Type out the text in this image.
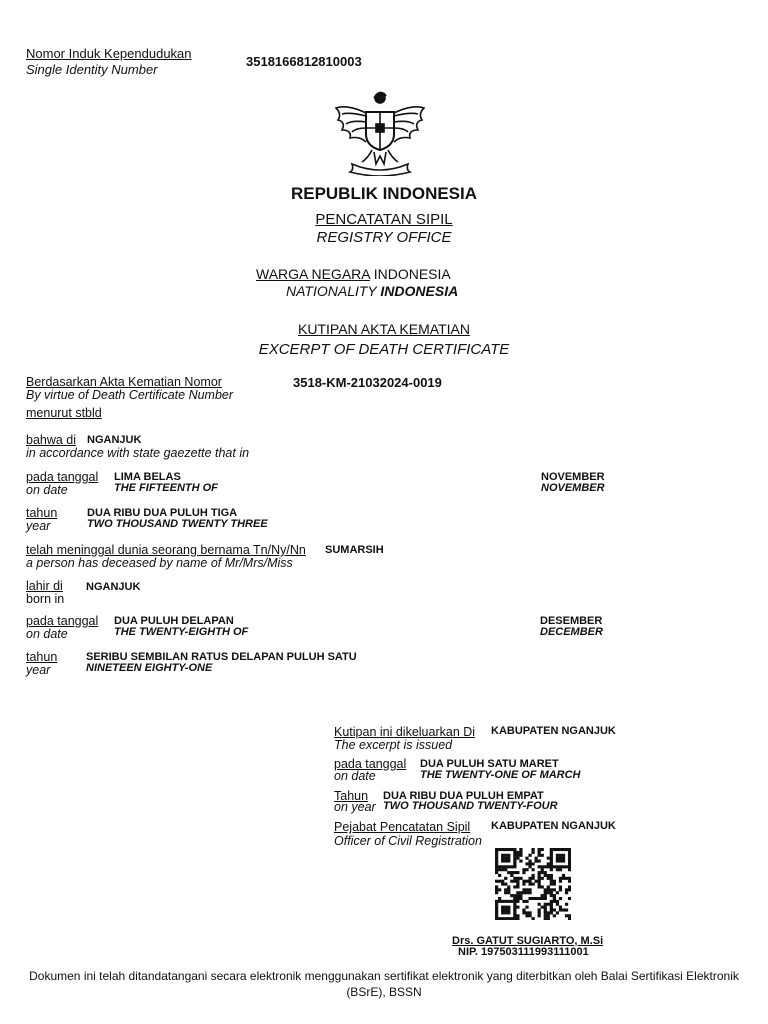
Nomor Induk Kependudukan
Single Identity Number
3518166812810003
REPUBLIK INDONESIA
PENCATATAN SIPIL
REGISTRY OFFICE
WARGA NEGARA INDONESIA
NATIONALITY INDONESIA
KUTIPAN AKTA KEMATIAN
EXCERPT OF DEATH CERTIFICATE
Berdasarkan Akta Kematian Nomor
By virtue of Death Certificate Number
3518-KM-21032024-0019
menurut stbld
bahwa di NGANJUK
in accordance with state gaezette that in
pada tanggal
on date
LIMA BELAS
THE FIFTEENTH OF
NOVEMBER
NOVEMBER
tahun
year
DUA RIBU DUA PULUH TIGA
TWO THOUSAND TWENTY THREE
telah meninggal dunia seorang bernama Tn/Ny/Nn SUMARSIH
a person has deceased by name of Mr/Mrs/Miss
lahir di
born in
NGANJUK
pada tanggal
on date
DUA PULUH DELAPAN
THE TWENTY-EIGHTH OF
DESEMBER
DECEMBER
tahun
year
SERIBU SEMBILAN RATUS DELAPAN PULUH SATU
NINETEEN EIGHTY-ONE
Kutipan ini dikeluarkan Di KABUPATEN NGANJUK
The excerpt is issued
pada tanggal
on date
DUA PULUH SATU MARET
THE TWENTY-ONE OF MARCH
Tahun DUA RIBU DUA PULUH EMPAT
on year TWO THOUSAND TWENTY-FOUR
Pejabat Pencatatan Sipil KABUPATEN NGANJUK
Officer of Civil Registration
Drs. GATUT SUGIARTO, M.Si
NIP. 197503111993111001
Dokumen ini telah ditandatangani secara elektronik menggunakan sertifikat elektronik yang diterbitkan oleh Balai Sertifikasi Elektronik (BSrE), BSSN
